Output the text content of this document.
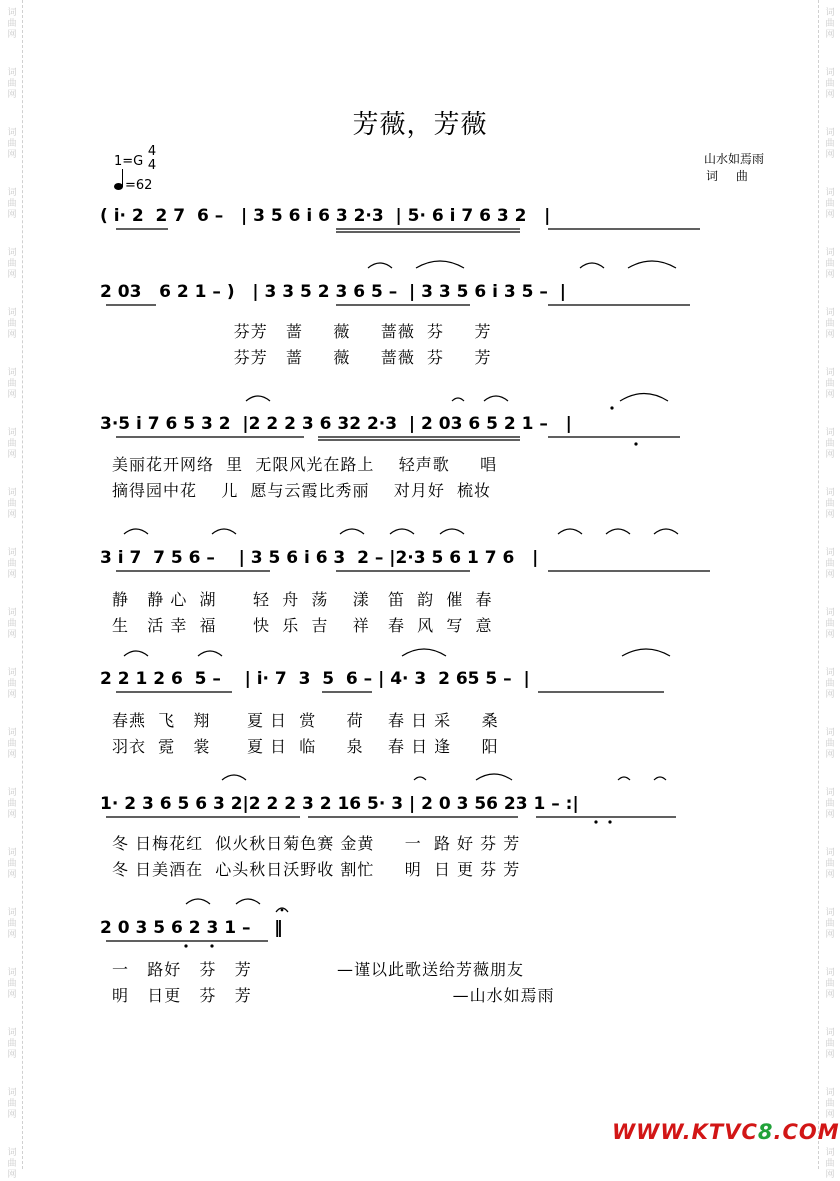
词
曲
网
词
曲
网
词
曲
网
词
曲
网
词
曲
网
词
曲
网
词
曲
网
词
曲
网
词
曲
网
词
曲
网
词
曲
网
词
曲
网
词
曲
网
词
曲
网
词
曲
网
词
曲
网
词
曲
网
词
曲
网
词
曲
网
词
曲
网
词
曲
网
词
曲
网
词
曲
网
词
曲
网
词
曲
网
词
曲
网
词
曲
网
词
曲
网
词
曲
网
词
曲
网
词
曲
网
词
曲
网
词
曲
网
词
曲
网
词
曲
网
词
曲
网
词
曲
网
词
曲
网
词
曲
网
词
曲
网
芳薇，芳薇
1=G
4
4
=62
山水如焉雨
词 曲
( i· 2  2 7  6 –   | 3 5 6 i 6 3 2·3  | 5· 6 i 7 6 3 2   |
2 03   6 2 1 – )   | 3 3 5 2 3 6 5 –  | 3 3 5 6 i 3 5 –  |
芬芳   蔷     薇     蔷薇  芬     芳
芬芳   蔷     薇     蔷薇  芬     芳
3·5 i 7 6 5 3 2  |2 2 2 3 6 32 2·3  | 2 03 6 5 2 1 –   |
美丽花开网络  里  无限风光在路上    轻声歌     唱
摘得园中花    儿  愿与云霞比秀丽    对月好  梳妆
3 i 7  7 5 6 –    | 3 5 6 i 6 3  2 – |2·3 5 6 1 7 6   |
静   静 心  湖      轻  舟  荡    漾   笛  韵  催  春
生   活 幸  福      快  乐  吉    祥   春  风  写  意
2 2 1 2 6  5 –    | i· 7  3  5  6 – | 4· 3  2 65 5 –  |
春燕  飞   翔      夏 日  赏     荷    春 日 采     桑
羽衣  霓   裳      夏 日  临     泉    春 日 逢     阳
1· 2 3 6 5 6 3 2|2 2 2 3 2 16 5· 3 | 2 0 3 56 23 1 – :|
冬 日梅花红  似火秋日菊色赛 金黄     一  路 好 芬 芳
冬 日美酒在  心头秋日沃野收 割忙     明  日 更 芬 芳
2 0 3 5 6 2 3 1 –    ‖
一   路好   芬   芳              —谨以此歌送给芳薇朋友
明   日更   芬   芳                                 —山水如焉雨
WWW.KTVC8.COM
